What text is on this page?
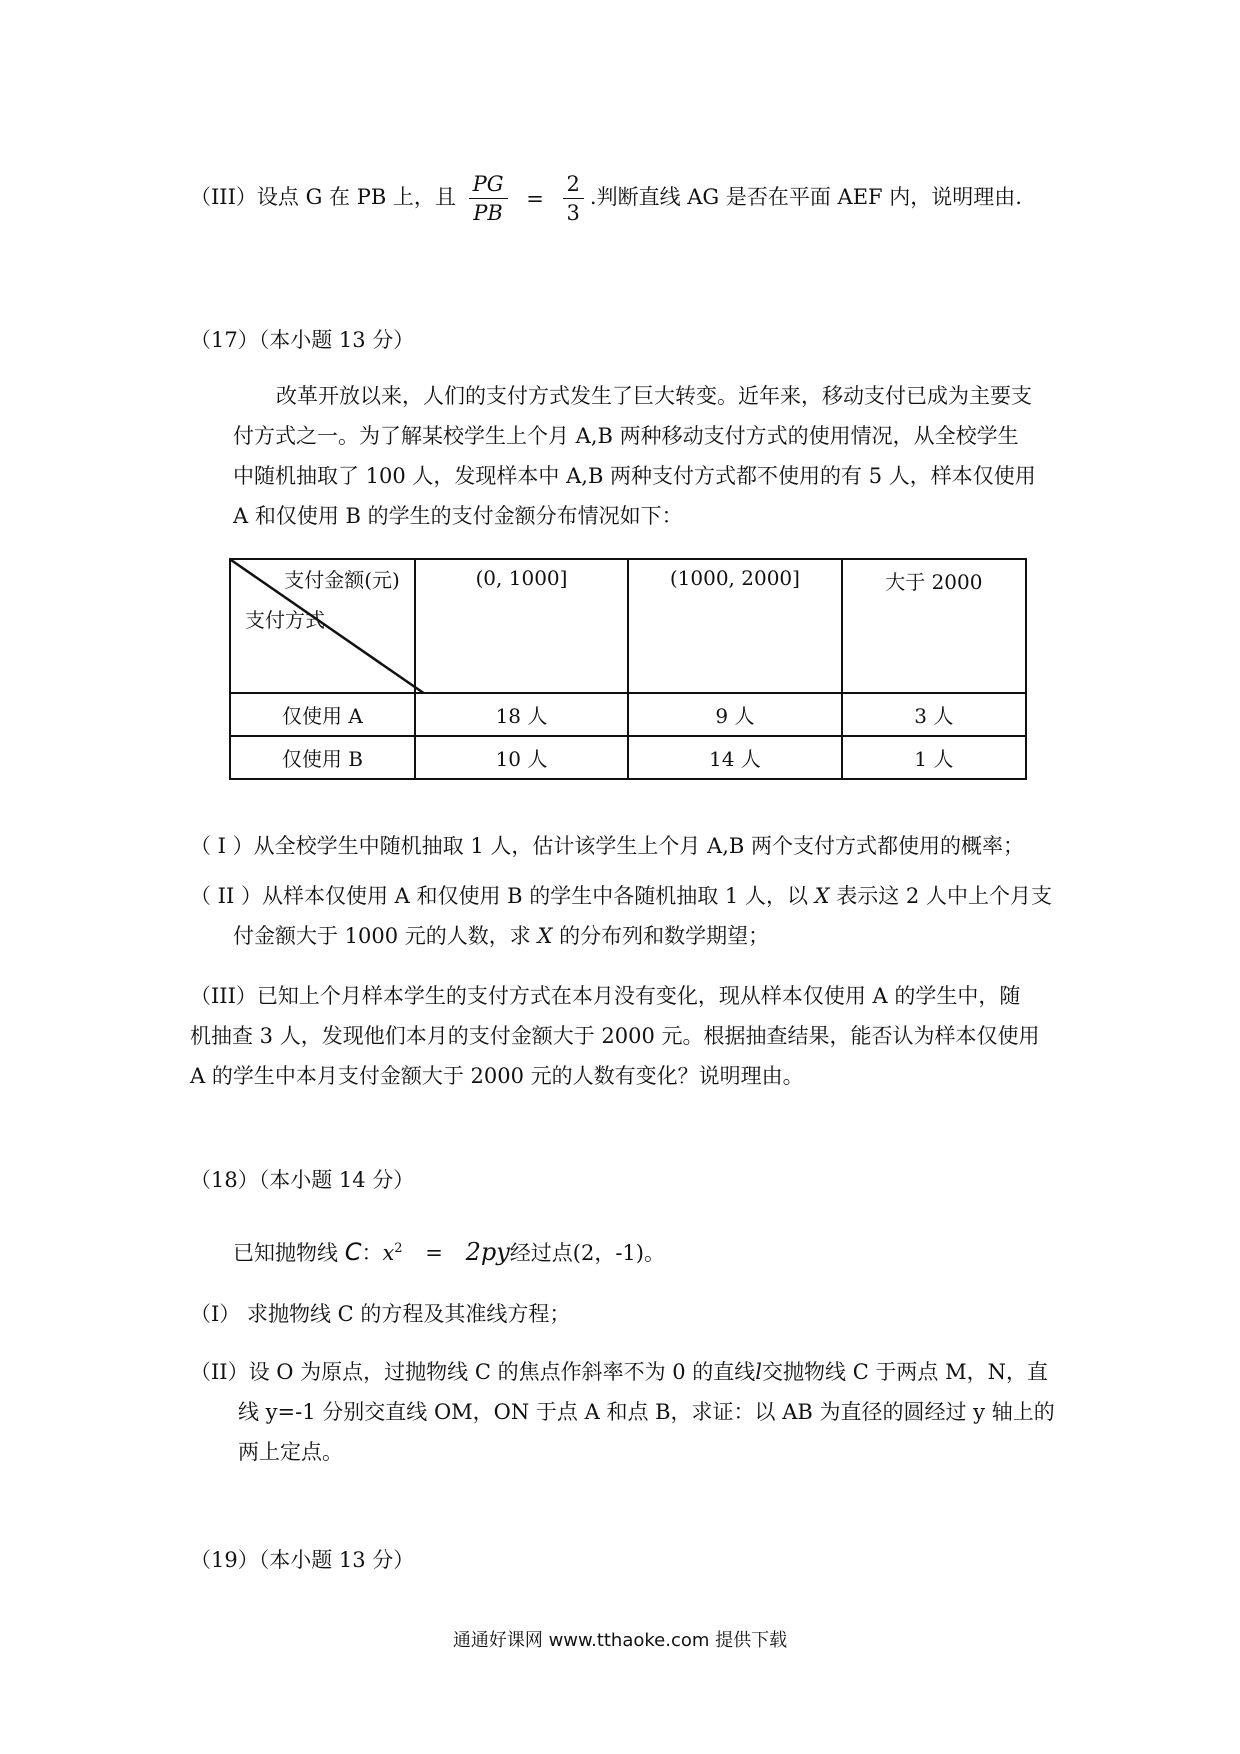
（III）设点 G 在 PB 上，且 $\frac{PG}{PB} = \frac{2}{3}$ .判断直线 AG 是否在平面 AEF 内，说明理由.
（17）（本小题 13 分）
改革开放以来，人们的支付方式发生了巨大转变。近年来，移动支付已成为主要支
付方式之一。为了解某校学生上个月 A,B 两种移动支付方式的使用情况，从全校学生
中随机抽取了 100 人，发现样本中 A,B 两种支付方式都不使用的有 5 人，样本仅使用
A 和仅使用 B 的学生的支付金额分布情况如下：
支付金额(元)
支付方式	(0, 1000]	(1000, 2000]	大于 2000
仅使用 A	18 人	9 人	3 人
仅使用 B	10 人	14 人	1 人
（ I ）从全校学生中随机抽取 1 人，估计该学生上个月 A,B 两个支付方式都使用的概率；
（ II ）从样本仅使用 A 和仅使用 B 的学生中各随机抽取 1 人，以 X 表示这 2 人中上个月支
付金额大于 1000 元的人数，求 X 的分布列和数学期望；
（III）已知上个月样本学生的支付方式在本月没有变化，现从样本仅使用 A 的学生中，随
机抽查 3 人，发现他们本月的支付金额大于 2000 元。根据抽查结果，能否认为样本仅使用
A 的学生中本月支付金额大于 2000 元的人数有变化？说明理由。
（18）（本小题 14 分）
已知抛物线 C：$x^2 = 2py$经过点(2，-1)。
（I） 求抛物线 C 的方程及其准线方程；
（II）设 O 为原点，过抛物线 C 的焦点作斜率不为 0 的直线l交抛物线 C 于两点 M，N，直
线 y=-1 分别交直线 OM，ON 于点 A 和点 B，求证：以 AB 为直径的圆经过 y 轴上的
两上定点。
（19）（本小题 13 分）
通通好课网 www.tthaoke.com 提供下载
